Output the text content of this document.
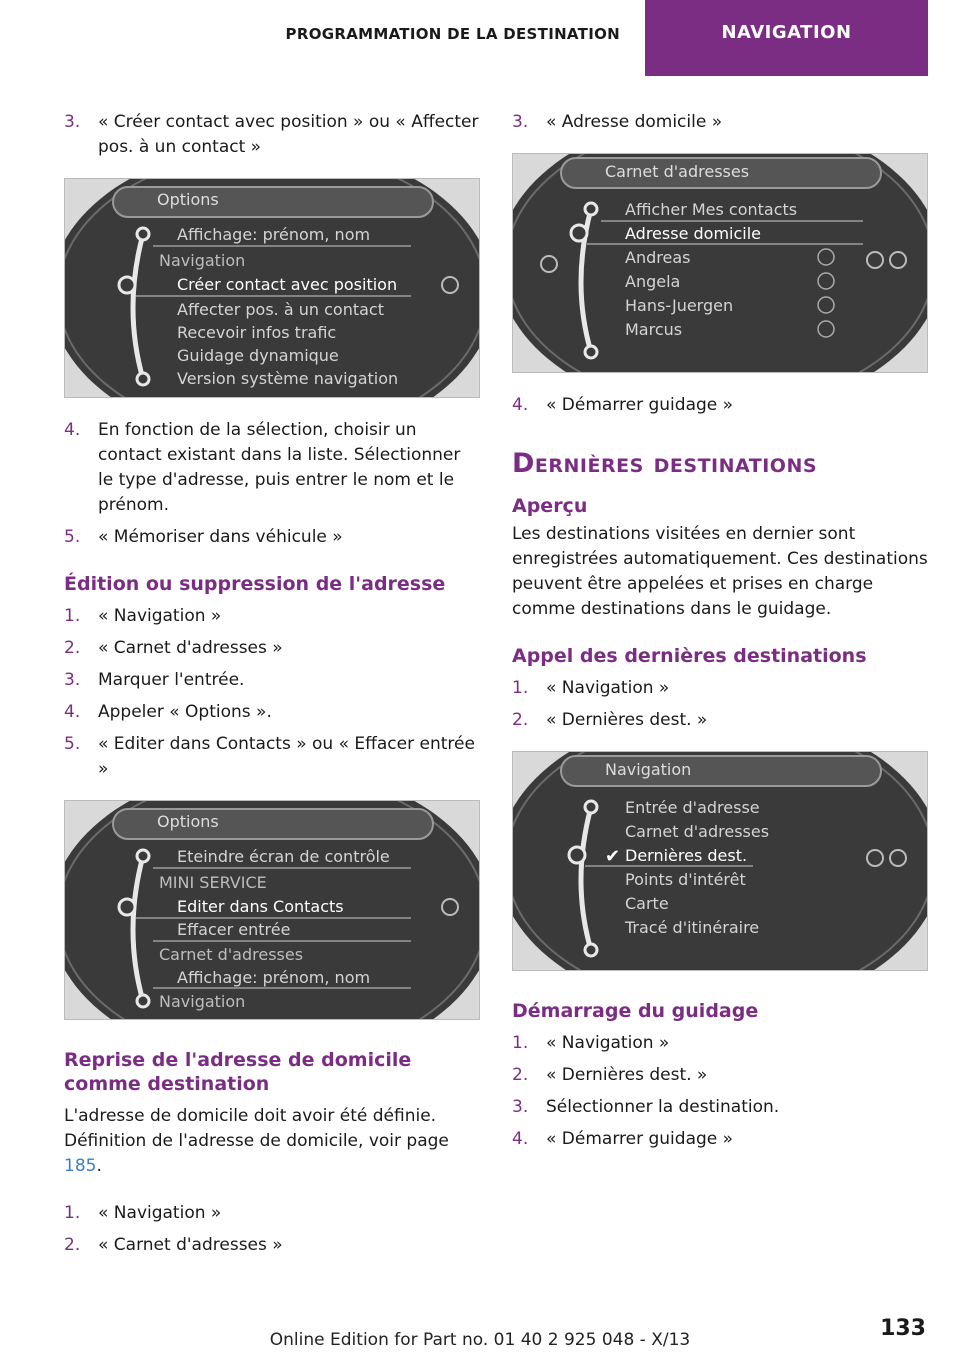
PROGRAMMATION DE LA DESTINATION	NAVIGATION
3. « Créer contact avec position » ou « Affecter pos. à un contact »
Options
Affichage: prénom, nom
Navigation
Créer contact avec position
Affecter pos. à un contact
Recevoir infos trafic
Guidage dynamique
Version système navigation
4. En fonction de la sélection, choisir un contact existant dans la liste. Sélectionner le type d'adresse, puis entrer le nom et le prénom.
5. « Mémoriser dans véhicule »
Édition ou suppression de l'adresse
1. « Navigation »
2. « Carnet d'adresses »
3. Marquer l'entrée.
4. Appeler « Options ».
5. « Editer dans Contacts » ou « Effacer entrée »
Options
Eteindre écran de contrôle
MINI SERVICE
Editer dans Contacts
Effacer entrée
Carnet d'adresses
Affichage: prénom, nom
Navigation
Reprise de l'adresse de domicile comme destination
L'adresse de domicile doit avoir été définie. Définition de l'adresse de domicile, voir page 185.
1. « Navigation »
2. « Carnet d'adresses »
3. « Adresse domicile »
Carnet d'adresses
Afficher Mes contacts
Adresse domicile
Andreas
Angela
Hans-Juergen
Marcus
4. « Démarrer guidage »
Dernières destinations
Aperçu
Les destinations visitées en dernier sont enregistrées automatiquement. Ces destinations peuvent être appelées et prises en charge comme destinations dans le guidage.
Appel des dernières destinations
1. « Navigation »
2. « Dernières dest. »
✔
Navigation
Entrée d'adresse
Carnet d'adresses
Dernières dest.
Points d'intérêt
Carte
Tracé d'itinéraire
Démarrage du guidage
1. « Navigation »
2. « Dernières dest. »
3. Sélectionner la destination.
4. « Démarrer guidage »
133
Online Edition for Part no. 01 40 2 925 048 - X/13
